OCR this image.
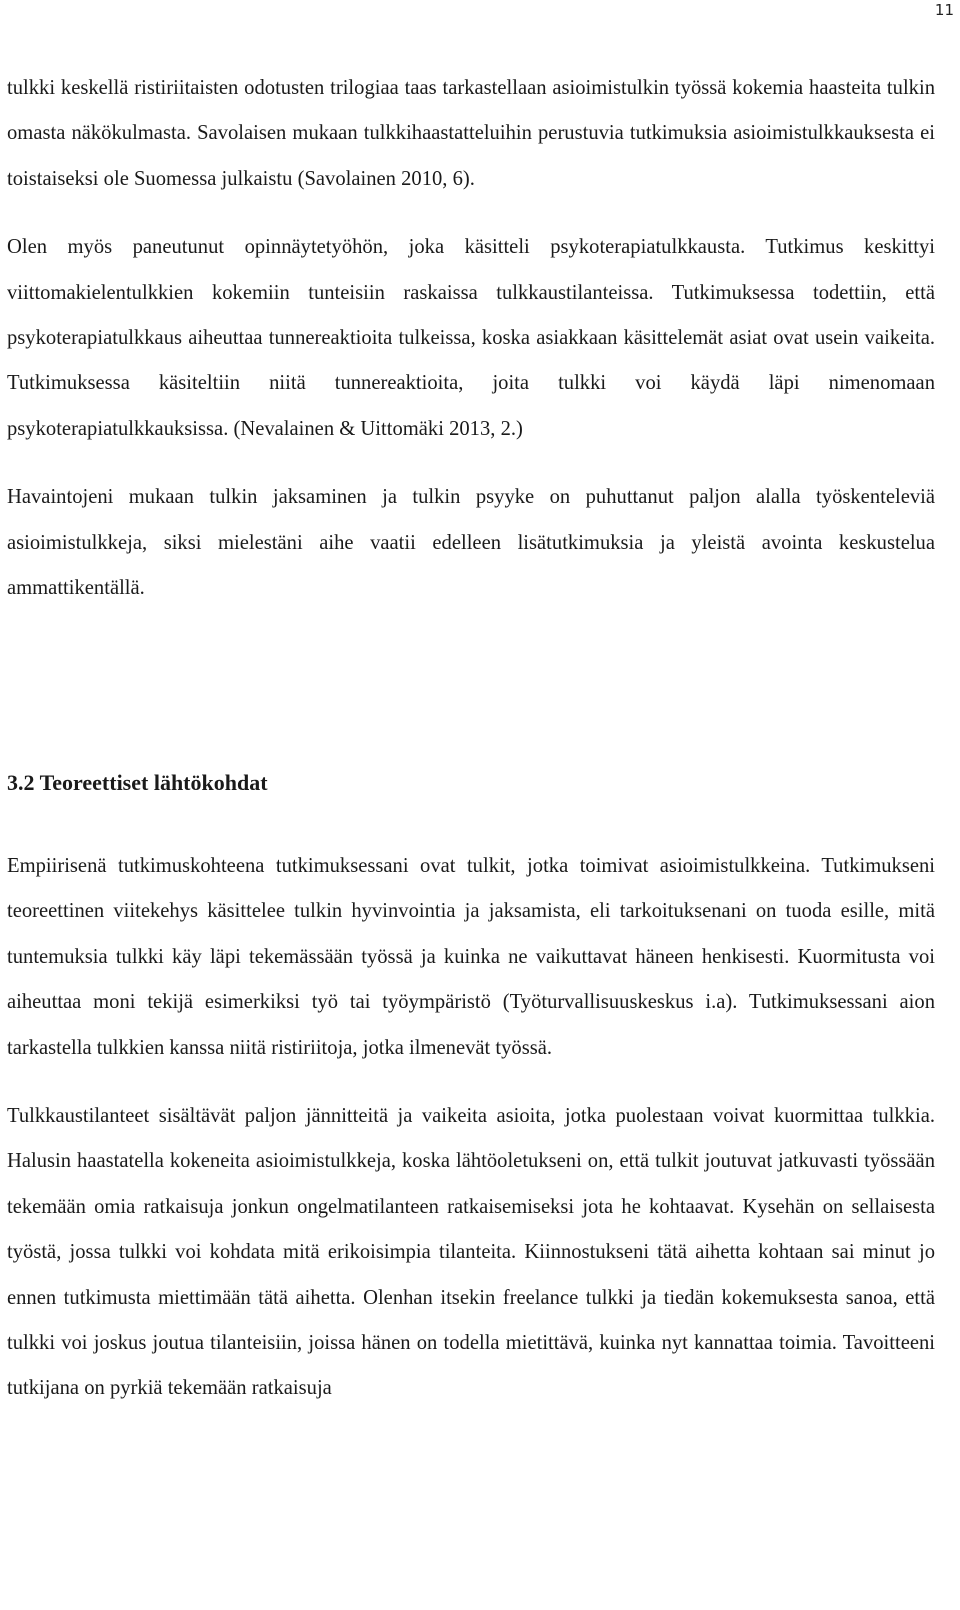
11

tulkki keskellä ristiriitaisten odotusten trilogiaa taas tarkastellaan asioimistulkin työssä kokemia haasteita tulkin omasta näkökulmasta. Savolaisen mukaan tulkkihaastatteluihin perustuvia tutkimuksia asioimistulkkauksesta ei toistaiseksi ole Suomessa julkaistu (Savolainen 2010, 6).

Olen myös paneutunut opinnäytetyöhön, joka käsitteli psykoterapiatulkkausta. Tutkimus keskittyi viittomakielentulkkien kokemiin tunteisiin raskaissa tulkkaustilanteissa. Tutkimuksessa todettiin, että psykoterapiatulkkaus aiheuttaa tunnereaktioita tulkeissa, koska asiakkaan käsittelemät asiat ovat usein vaikeita. Tutkimuksessa käsiteltiin niitä tunnereaktioita, joita tulkki voi käydä läpi nimenomaan psykoterapiatulkkauksissa. (Nevalainen & Uittomäki 2013, 2.)

Havaintojeni mukaan tulkin jaksaminen ja tulkin psyyke on puhuttanut paljon alalla työskenteleviä asioimistulkkeja, siksi mielestäni aihe vaatii edelleen lisätutkimuksia ja yleistä avointa keskustelua ammattikentällä.

3.2 Teoreettiset lähtökohdat

Empiirisenä tutkimuskohteena tutkimuksessani ovat tulkit, jotka toimivat asioimistulkkeina. Tutkimukseni teoreettinen viitekehys käsittelee tulkin hyvinvointia ja jaksamista, eli tarkoituksenani on tuoda esille, mitä tuntemuksia tulkki käy läpi tekemässään työssä ja kuinka ne vaikuttavat häneen henkisesti. Kuormitusta voi aiheuttaa moni tekijä esimerkiksi työ tai työympäristö (Työturvallisuuskeskus i.a). Tutkimuksessani aion tarkastella tulkkien kanssa niitä ristiriitoja, jotka ilmenevät työssä.

Tulkkaustilanteet sisältävät paljon jännitteitä ja vaikeita asioita, jotka puolestaan voivat kuormittaa tulkkia. Halusin haastatella kokeneita asioimistulkkeja, koska lähtöoletukseni on, että tulkit joutuvat jatkuvasti työssään tekemään omia ratkaisuja jonkun ongelmatilanteen ratkaisemiseksi jota he kohtaavat. Kysehän on sellaisesta työstä, jossa tulkki voi kohdata mitä erikoisimpia tilanteita. Kiinnostukseni tätä aihetta kohtaan sai minut jo ennen tutkimusta miettimään tätä aihetta. Olenhan itsekin freelance tulkki ja tiedän kokemuksesta sanoa, että tulkki voi joskus joutua tilanteisiin, joissa hänen on todella mietittävä, kuinka nyt kannattaa toimia. Tavoitteeni tutkijana on pyrkiä tekemään ratkaisuja
